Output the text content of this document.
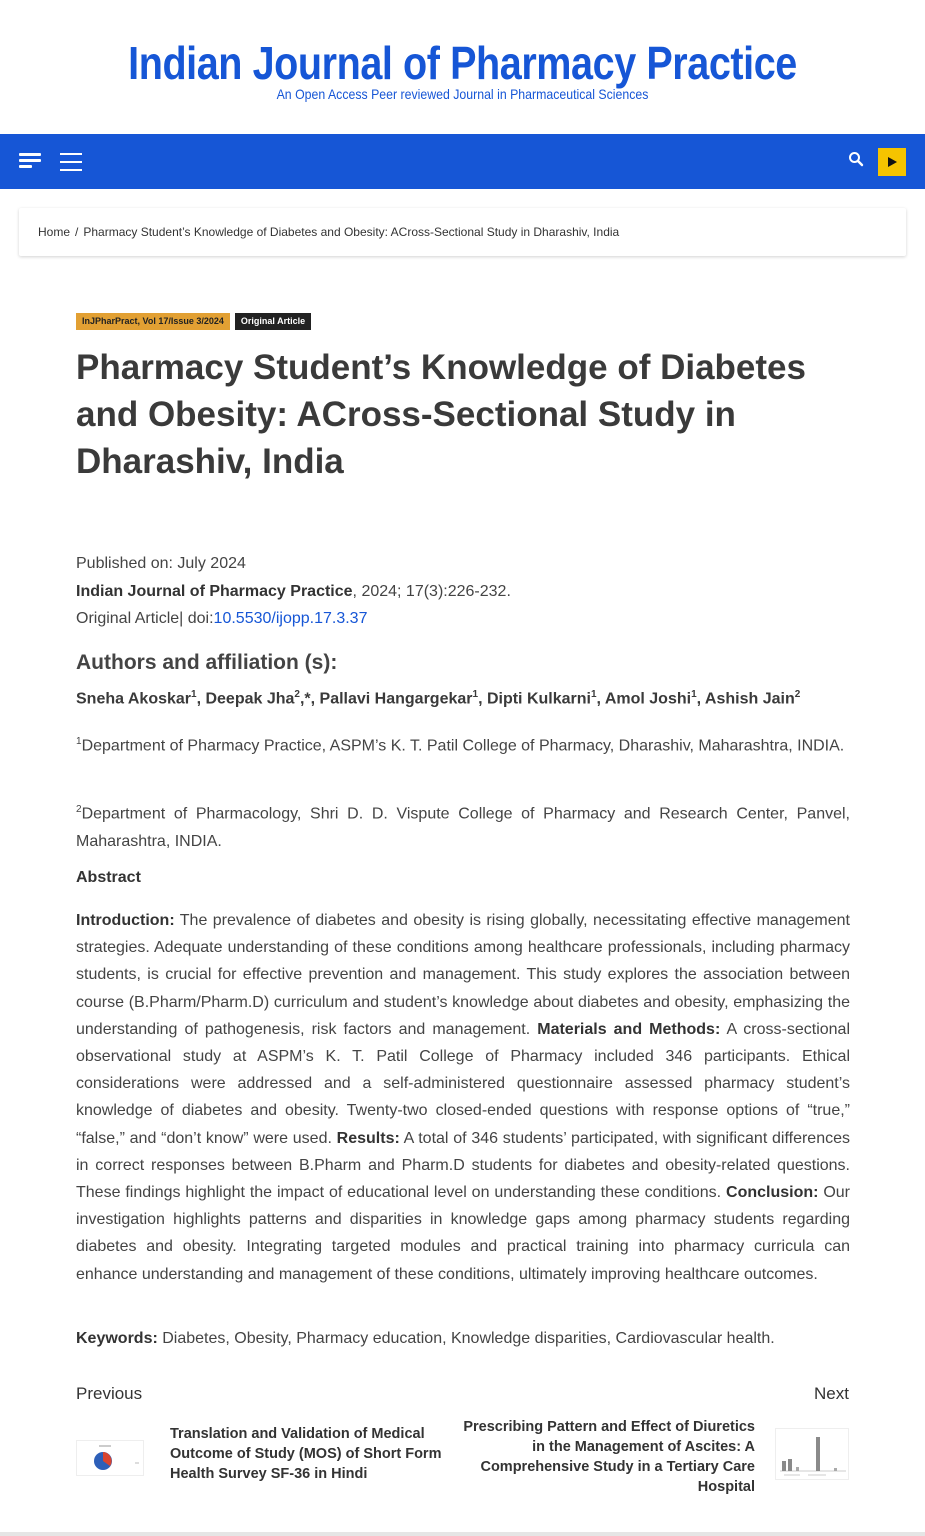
Indian Journal of Pharmacy Practice
An Open Access Peer reviewed Journal in Pharmaceutical Sciences
Home / Pharmacy Student’s Knowledge of Diabetes and Obesity: ACross-Sectional Study in Dharashiv, India
InJPharPract, Vol 17/Issue 3/2024	Original Article
Pharmacy Student’s Knowledge of Diabetes and Obesity: ACross-Sectional Study in Dharashiv, India
Published on: July 2024
Indian Journal of Pharmacy Practice, 2024; 17(3):226-232.
Original Article| doi:10.5530/ijopp.17.3.37
Authors and affiliation (s):
Sneha Akoskar$^1$, Deepak Jha$^2$,*, Pallavi Hangargekar$^1$, Dipti Kulkarni$^1$, Amol Joshi$^1$, Ashish Jain$^2$
$^1$Department of Pharmacy Practice, ASPM’s K. T. Patil College of Pharmacy, Dharashiv, Maharashtra, INDIA.
$^2$Department of Pharmacology, Shri D. D. Vispute College of Pharmacy and Research Center, Panvel, Maharashtra, INDIA.
Abstract
Introduction: The prevalence of diabetes and obesity is rising globally, necessitating effective management strategies. Adequate understanding of these conditions among healthcare professionals, including pharmacy students, is crucial for effective prevention and management. This study explores the association between course (B.Pharm/Pharm.D) curriculum and student’s knowledge about diabetes and obesity, emphasizing the understanding of pathogenesis, risk factors and management. Materials and Methods: A cross-sectional observational study at ASPM’s K. T. Patil College of Pharmacy included 346 participants. Ethical considerations were addressed and a self-administered questionnaire assessed pharmacy student’s knowledge of diabetes and obesity. Twenty-two closed-ended questions with response options of “true,” “false,” and “don’t know” were used. Results: A total of 346 students’ participated, with significant differences in correct responses between B.Pharm and Pharm.D students for diabetes and obesity-related questions. These findings highlight the impact of educational level on understanding these conditions. Conclusion: Our investigation highlights patterns and disparities in knowledge gaps among pharmacy students regarding diabetes and obesity. Integrating targeted modules and practical training into pharmacy curricula can enhance understanding and management of these conditions, ultimately improving healthcare outcomes.
Keywords: Diabetes, Obesity, Pharmacy education, Knowledge disparities, Cardiovascular health.
Previous	Next
Translation and Validation of Medical Outcome of Study (MOS) of Short Form Health Survey SF-36 in Hindi
Prescribing Pattern and Effect of Diuretics in the Management of Ascites: A Comprehensive Study in a Tertiary Care Hospital
